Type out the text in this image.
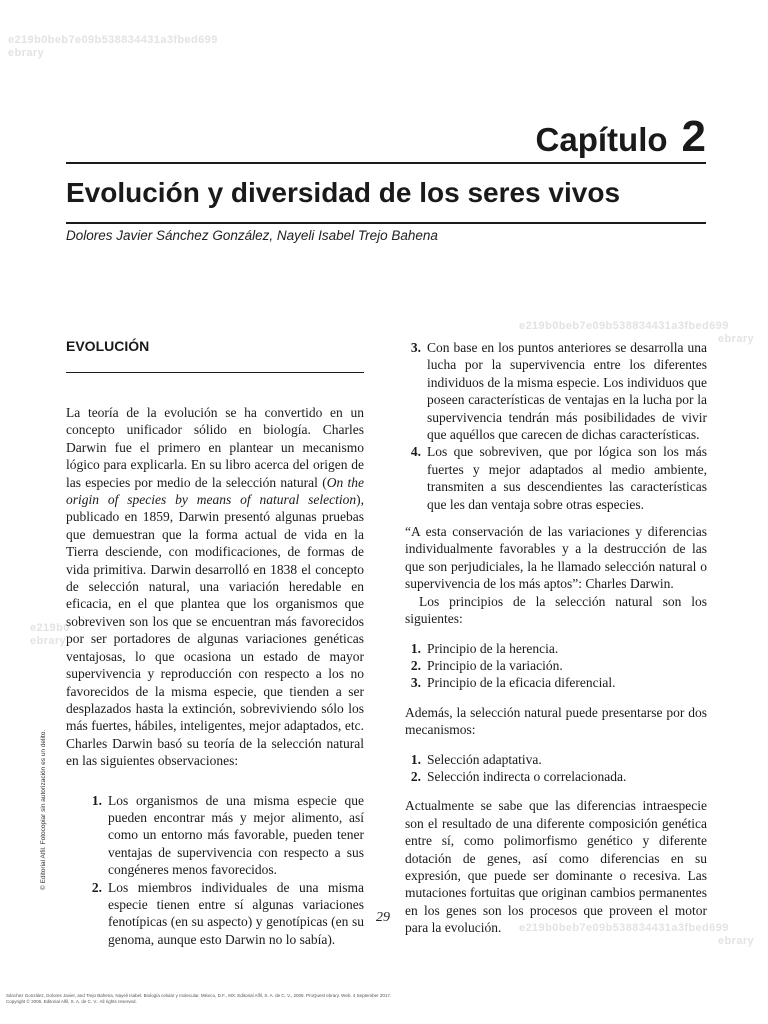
e219b0beb7e09b538834431a3fbed699
ebrary
e219b0beb7e09b538834431a3fbed699
ebrary
e219b0
ebrary
e219b0beb7e09b538834431a3fbed699
ebrary
Capítulo 2
Evolución y diversidad de los seres vivos
Dolores Javier Sánchez González, Nayeli Isabel Trejo Bahena
EVOLUCIÓN

La teoría de la evolución se ha convertido en un concepto unificador sólido en biología. Charles Darwin fue el primero en plantear un mecanismo lógico para explicarla. En su libro acerca del origen de las especies por medio de la selección natural (On the origin of species by means of natural selection), publicado en 1859, Darwin presentó algunas pruebas que demuestran que la forma actual de vida en la Tierra desciende, con modificaciones, de formas de vida primitiva. Darwin desarrolló en 1838 el concepto de selección natural, una variación heredable en eficacia, en el que plantea que los organismos que sobreviven son los que se encuentran más favorecidos por ser portadores de algunas variaciones genéticas ventajosas, lo que ocasiona un estado de mayor supervivencia y reproducción con respecto a los no favorecidos de la misma especie, que tienden a ser desplazados hasta la extinción, sobreviviendo sólo los más fuertes, hábiles, inteligentes, mejor adaptados, etc. Charles Darwin basó su teoría de la selección natural en las siguientes observaciones:

1. Los organismos de una misma especie que pueden encontrar más y mejor alimento, así como un entorno más favorable, pueden tener ventajas de supervivencia con respecto a sus congéneres menos favorecidos.
2. Los miembros individuales de una misma especie tienen entre sí algunas variaciones fenotípicas (en su aspecto) y genotípicas (en su genoma, aunque esto Darwin no lo sabía).
3. Con base en los puntos anteriores se desarrolla una lucha por la supervivencia entre los diferentes individuos de la misma especie. Los individuos que poseen características de ventajas en la lucha por la supervivencia tendrán más posibilidades de vivir que aquéllos que carecen de dichas características.
4. Los que sobreviven, que por lógica son los más fuertes y mejor adaptados al medio ambiente, transmiten a sus descendientes las características que les dan ventaja sobre otras especies.

“A esta conservación de las variaciones y diferencias individualmente favorables y a la destrucción de las que son perjudiciales, la he llamado selección natural o supervivencia de los más aptos”: Charles Darwin.

Los principios de la selección natural son los siguientes:

1. Principio de la herencia.
2. Principio de la variación.
3. Principio de la eficacia diferencial.

Además, la selección natural puede presentarse por dos mecanismos:

1. Selección adaptativa.
2. Selección indirecta o correlacionada.

Actualmente se sabe que las diferencias intraespecie son el resultado de una diferente composición genética entre sí, como polimorfismo genético y diferente dotación de genes, así como diferencias en su expresión, que puede ser dominante o recesiva. Las mutaciones fortuitas que originan cambios permanentes en los genes son los procesos que proveen el motor para la evolución.

29
© Editorial Alfil. Fotocopiar sin autorización es un delito.
Sánchez González, Dolores Javier, and Trejo Bahena, Nayeli Isabel. Biología celular y molecular. México, D.F., MX: Editorial Alfil, S. A. de C. V., 2006. ProQuest ebrary. Web. 4 September 2017.
Copyright © 2006. Editorial Alfil, S. A. de C. V.. All rights reserved.
